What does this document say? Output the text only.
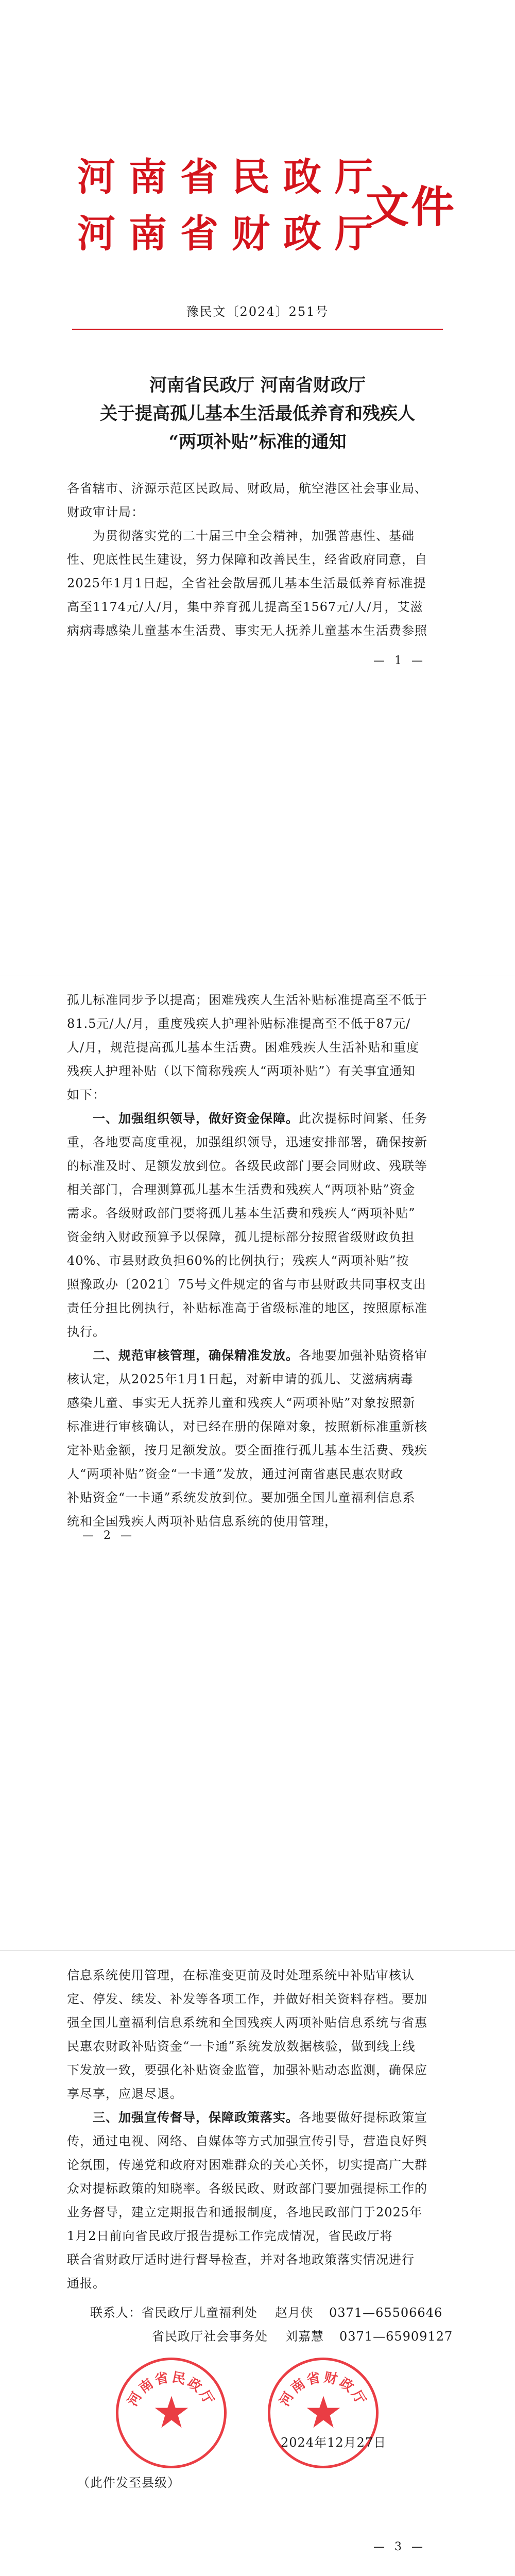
河南省民政厅
河南省财政厅
文件
豫民文〔2024〕251号
河南省民政厅 河南省财政厅
关于提高孤儿基本生活最低养育和残疾人
“两项补贴”标准的通知
各省辖市、济源示范区民政局、财政局，航空港区社会事业局、
财政审计局：
　　为贯彻落实党的二十届三中全会精神，加强普惠性、基础
性、兜底性民生建设，努力保障和改善民生，经省政府同意，自
2025年1月1日起，全省社会散居孤儿基本生活最低养育标准提
高至1174元/人/月，集中养育孤儿提高至1567元/人/月，艾滋
病病毒感染儿童基本生活费、事实无人抚养儿童基本生活费参照
— 1 —
孤儿标准同步予以提高；困难残疾人生活补贴标准提高至不低于
81.5元/人/月，重度残疾人护理补贴标准提高至不低于87元/
人/月，规范提高孤儿基本生活费。困难残疾人生活补贴和重度
残疾人护理补贴（以下简称残疾人“两项补贴”）有关事宜通知
如下：
　　一、加强组织领导，做好资金保障。此次提标时间紧、任务
重，各地要高度重视，加强组织领导，迅速安排部署，确保按新
的标准及时、足额发放到位。各级民政部门要会同财政、残联等
相关部门，合理测算孤儿基本生活费和残疾人“两项补贴”资金
需求。各级财政部门要将孤儿基本生活费和残疾人“两项补贴”
资金纳入财政预算予以保障，孤儿提标部分按照省级财政负担
40%、市县财政负担60%的比例执行；残疾人“两项补贴”按
照豫政办〔2021〕75号文件规定的省与市县财政共同事权支出
责任分担比例执行，补贴标准高于省级标准的地区，按照原标准
执行。
　　二、规范审核管理，确保精准发放。各地要加强补贴资格审
核认定，从2025年1月1日起，对新申请的孤儿、艾滋病病毒
感染儿童、事实无人抚养儿童和残疾人“两项补贴”对象按照新
标准进行审核确认，对已经在册的保障对象，按照新标准重新核
定补贴金额，按月足额发放。要全面推行孤儿基本生活费、残疾
人“两项补贴”资金“一卡通”发放，通过河南省惠民惠农财政
补贴资金“一卡通”系统发放到位。要加强全国儿童福利信息系
统和全国残疾人两项补贴信息系统的使用管理，
— 2 —
信息系统使用管理，在标准变更前及时处理系统中补贴审核认
定、停发、续发、补发等各项工作，并做好相关资料存档。要加
强全国儿童福利信息系统和全国残疾人两项补贴信息系统与省惠
民惠农财政补贴资金“一卡通”系统发放数据核验，做到线上线
下发放一致，要强化补贴资金监管，加强补贴动态监测，确保应
享尽享，应退尽退。
　　三、加强宣传督导，保障政策落实。各地要做好提标政策宣
传，通过电视、网络、自媒体等方式加强宣传引导，营造良好舆
论氛围，传递党和政府对困难群众的关心关怀，切实提高广大群
众对提标政策的知晓率。各级民政、财政部门要加强提标工作的
业务督导，建立定期报告和通报制度，各地民政部门于2025年
1月2日前向省民政厅报告提标工作完成情况，省民政厅将
联合省财政厅适时进行督导检查，并对各地政策落实情况进行
通报。
联系人：省民政厅儿童福利处 赵月侠 0371—65506646
省民政厅社会事务处 刘嘉慧 0371—65909127
河南省民政厅	河南省财政厅
2024年12月27日
（此件发至县级）
— 3 —
